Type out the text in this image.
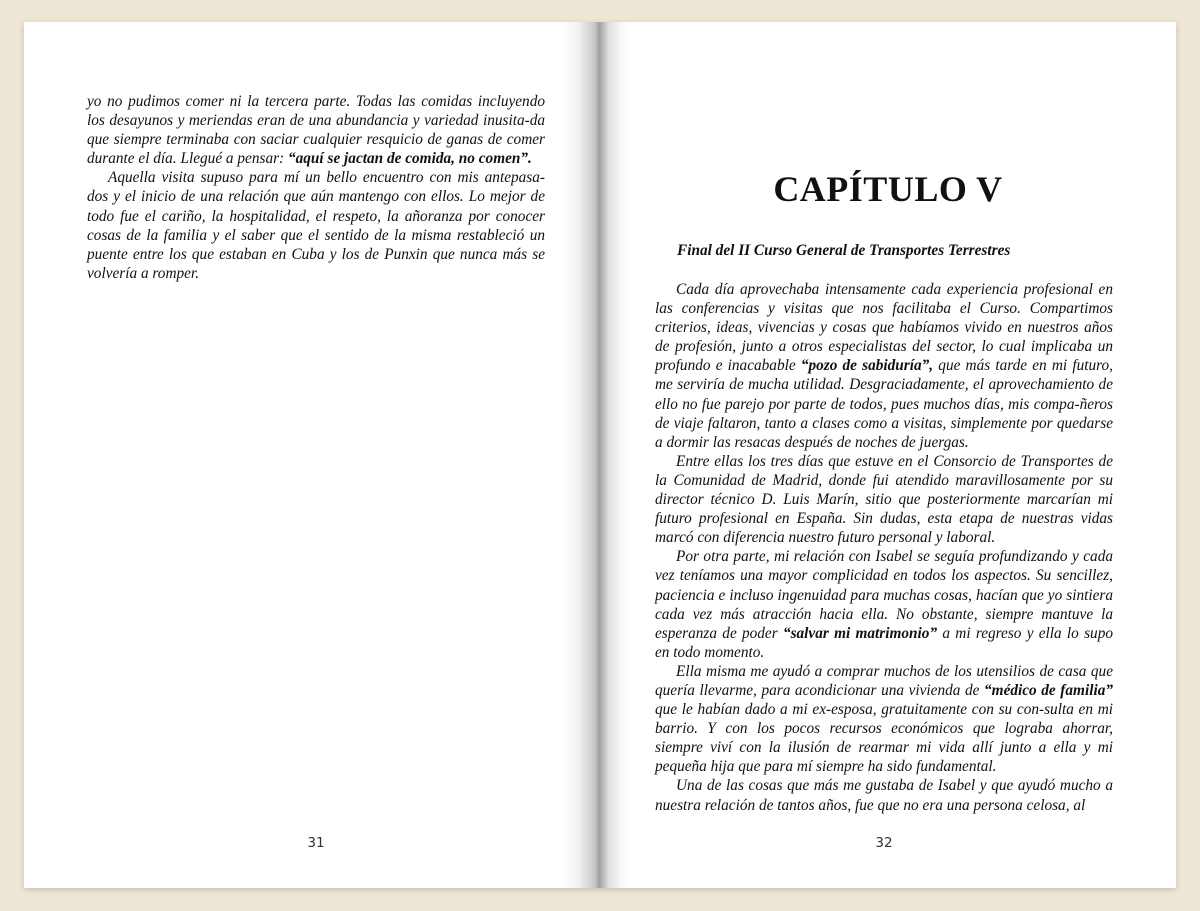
yo no pudimos comer ni la tercera parte. Todas las comidas incluyendo los desayunos y meriendas eran de una abundancia y variedad inusita-da que siempre terminaba con saciar cualquier resquicio de ganas de comer durante el día. Llegué a pensar: “aquí se jactan de comida, no comen”.

Aquella visita supuso para mí un bello encuentro con mis antepasa-dos y el inicio de una relación que aún mantengo con ellos. Lo mejor de todo fue el cariño, la hospitalidad, el respeto, la añoranza por conocer cosas de la familia y el saber que el sentido de la misma restableció un puente entre los que estaban en Cuba y los de Punxin que nunca más se volvería a romper.

31
CAPÍTULO V
Final del II Curso General de Transportes Terrestres

Cada día aprovechaba intensamente cada experiencia profesional en las conferencias y visitas que nos facilitaba el Curso. Compartimos criterios, ideas, vivencias y cosas que habíamos vivido en nuestros años de profesión, junto a otros especialistas del sector, lo cual implicaba un profundo e inacabable “pozo de sabiduría”, que más tarde en mi futuro, me serviría de mucha utilidad. Desgraciadamente, el aprovechamiento de ello no fue parejo por parte de todos, pues muchos días, mis compa-ñeros de viaje faltaron, tanto a clases como a visitas, simplemente por quedarse a dormir las resacas después de noches de juergas.

Entre ellas los tres días que estuve en el Consorcio de Transportes de la Comunidad de Madrid, donde fui atendido maravillosamente por su director técnico D. Luis Marín, sitio que posteriormente marcarían mi futuro profesional en España. Sin dudas, esta etapa de nuestras vidas marcó con diferencia nuestro futuro personal y laboral.

Por otra parte, mi relación con Isabel se seguía profundizando y cada vez teníamos una mayor complicidad en todos los aspectos. Su sencillez, paciencia e incluso ingenuidad para muchas cosas, hacían que yo sintiera cada vez más atracción hacia ella. No obstante, siempre mantuve la esperanza de poder “salvar mi matrimonio” a mi regreso y ella lo supo en todo momento.

Ella misma me ayudó a comprar muchos de los utensilios de casa que quería llevarme, para acondicionar una vivienda de “médico de familia” que le habían dado a mi ex-esposa, gratuitamente con su con-sulta en mi barrio. Y con los pocos recursos económicos que lograba ahorrar, siempre viví con la ilusión de rearmar mi vida allí junto a ella y mi pequeña hija que para mí siempre ha sido fundamental.

Una de las cosas que más me gustaba de Isabel y que ayudó mucho a nuestra relación de tantos años, fue que no era una persona celosa, al

32
